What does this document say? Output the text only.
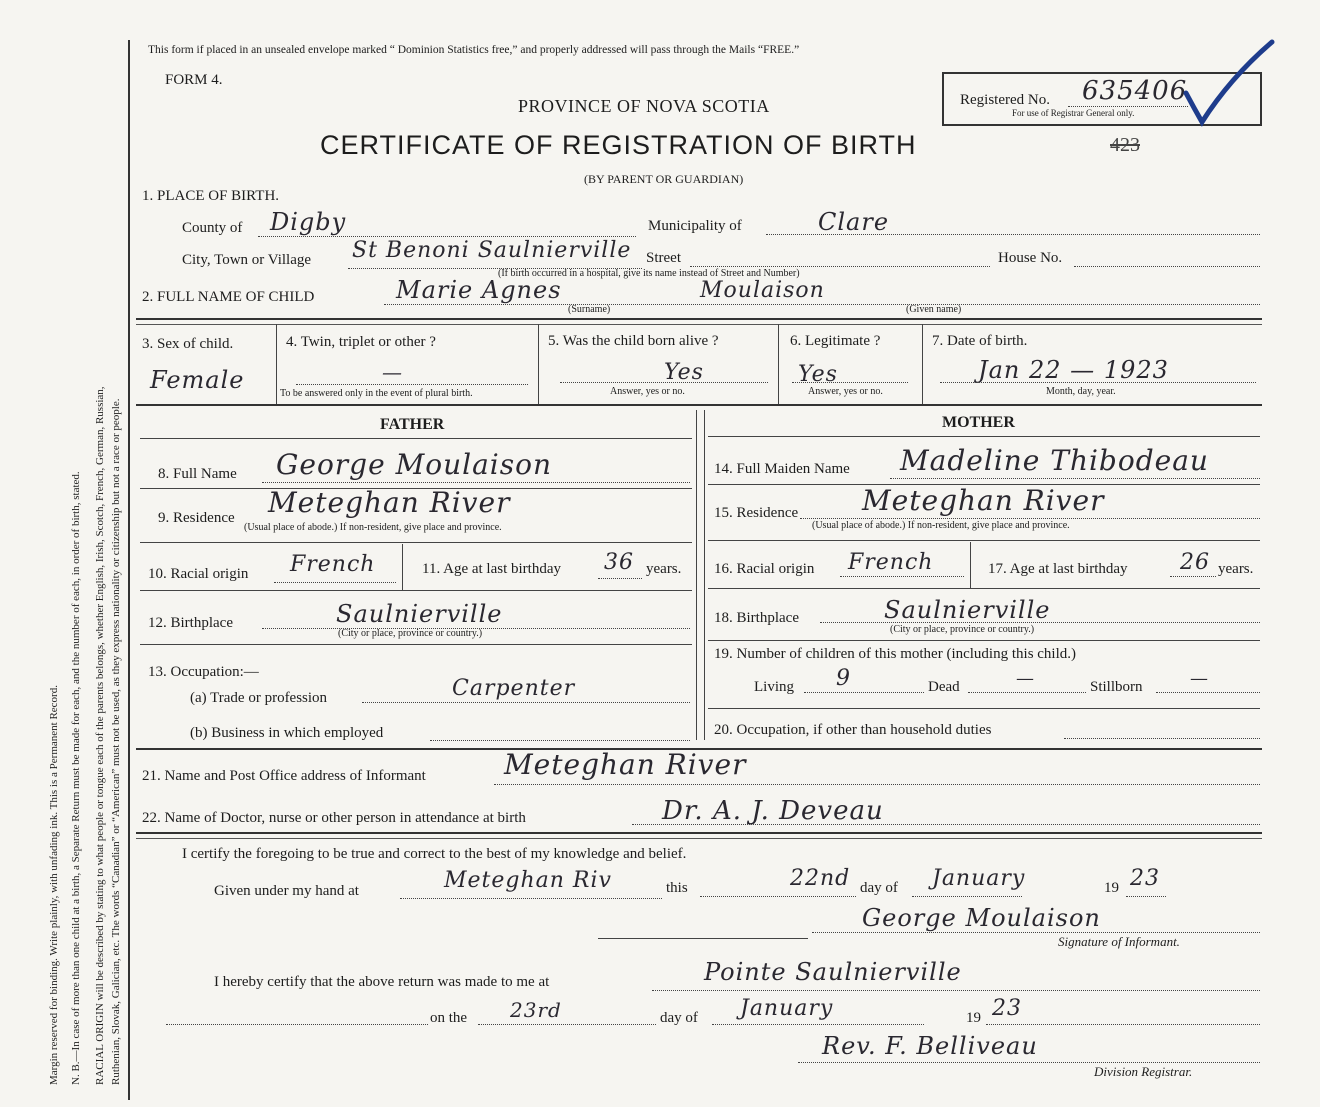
Margin reserved for binding. Write plainly, with unfading ink. This is a Permanent Record. N. B.—In case of more than one child at a birth, a Separate Return must be made for each, and the number of each, in order of birth, stated. RACIAL ORIGIN will be described by stating to what people or tongue each of the parents belongs, whether English, Irish, Scotch, French, German, Russian, Ruthenian, Slovak, Galician, etc. The words “Canadian” or “American” must not be used, as they express nationality or citizenship but not a race or people.
This form if placed in an unsealed envelope marked “ Dominion Statistics free,” and properly addressed will pass through the Mails “FREE.”
FORM 4.
PROVINCE OF NOVA SCOTIA
CERTIFICATE OF REGISTRATION OF BIRTH
(BY PARENT OR GUARDIAN)
423
Registered No. 635406
For use of Registrar General only.
1. PLACE OF BIRTH.
County of Digby	Municipality of	Clare
City, Town or Village St Benoni Saulnierville Street	House No.
(If birth occurred in a hospital, give its name instead of Street and Number)
2. FULL NAME OF CHILD	Marie Agnes	Moulaison
(Surname)	(Given name)
3. Sex of child.
Female
4. Twin, triplet or other ?
—
To be answered only in the event of plural birth.
5. Was the child born alive ?
Yes
Answer, yes or no.
6. Legitimate ?
Yes
Answer, yes or no.
7. Date of birth.
Jan 22 — 1923
Month, day, year.
FATHER	MOTHER
8. Full Name George Moulaison
9. Residence Meteghan River
(Usual place of abode.) If non-resident, give place and province.
10. Racial origin French	11. Age at last birthday 36 years.
12. Birthplace	Saulnierville
(City or place, province or country.)
13. Occupation:—
(a) Trade or profession	Carpenter
(b) Business in which employed
14. Full Maiden Name Madeline Thibodeau
15. Residence Meteghan River
(Usual place of abode.) If non-resident, give place and province.
16. Racial origin French	17. Age at last birthday 26 years.
18. Birthplace	Saulnierville
(City or place, province or country.)
19. Number of children of this mother (including this child.)
Living 9	Dead	—	Stillborn	—
20. Occupation, if other than household duties
21. Name and Post Office address of Informant	Meteghan River
22. Name of Doctor, nurse or other person in attendance at birth	Dr. A. J. Deveau
I certify the foregoing to be true and correct to the best of my knowledge and belief.
Given under my hand at	Meteghan Riv	this	22nd day of January	19 23
George Moulaison
Signature of Informant.
I hereby certify that the above return was made to me at	Pointe Saulnierville
on the 23rd	day of January	19 23
Rev. F. Belliveau
Division Registrar.
